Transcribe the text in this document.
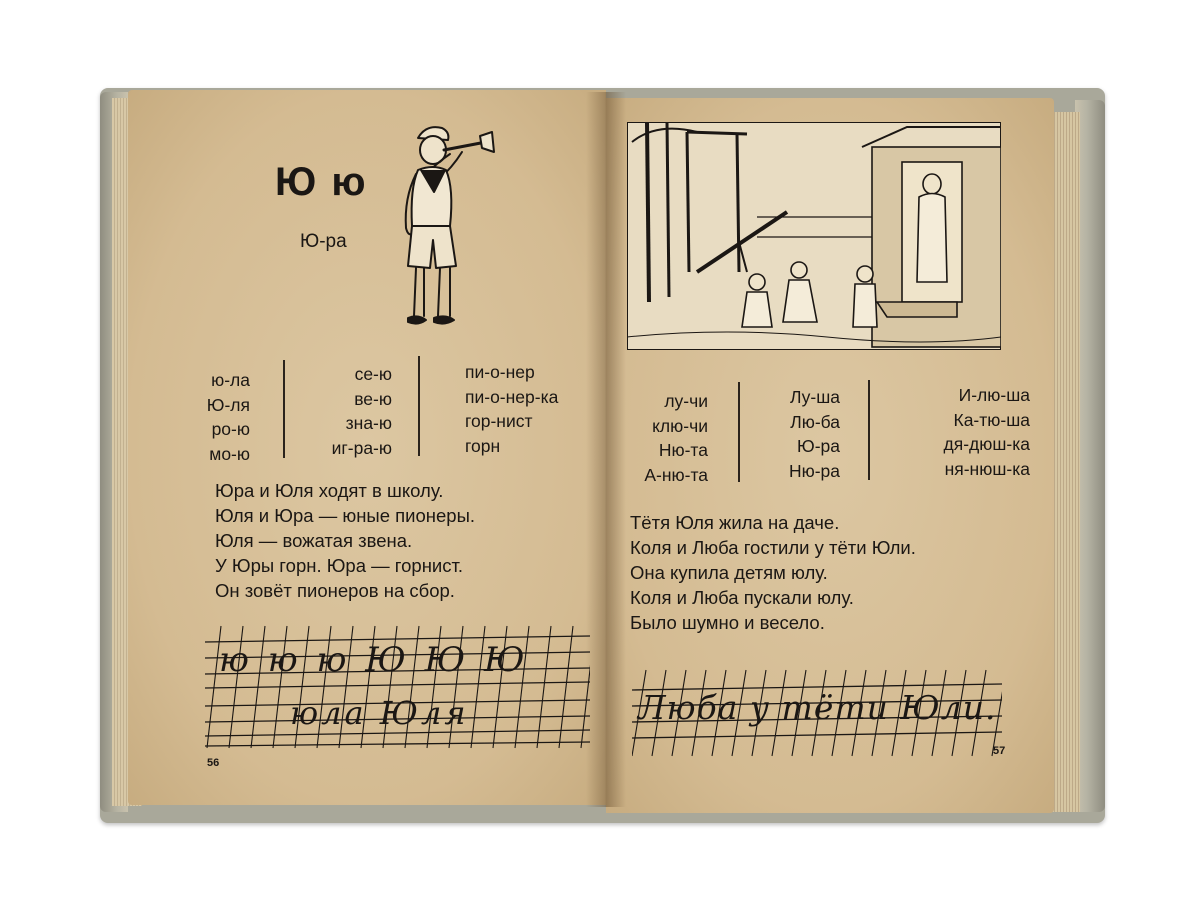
Ю ю
Ю-ра
ю-ла
Ю-ля
ро-ю
мо-ю
се-ю
ве-ю
зна-ю
иг-ра-ю
пи-о-нер
пи-о-нер-ка
гор-нист
горн
Юра и Юля ходят в школу.
Юля и Юра — юные пионеры.
Юля — вожатая звена.
У Юры горн. Юра — горнист.
Он зовёт пионеров на сбор.
ю ю ю Ю Ю Ю
юла Юля
56
лу-чи
клю-чи
Ню-та
А-ню-та
Лу-ша
Лю-ба
Ю-ра
Ню-ра
И-лю-ша
Ка-тю-ша
дя-дюш-ка
ня-нюш-ка
Тётя Юля жила на даче.
Коля и Люба гостили у тёти Юли.
Она купила детям юлу.
Коля и Люба пускали юлу.
Было шумно и весело.
Люба у тёти Юли.
57
